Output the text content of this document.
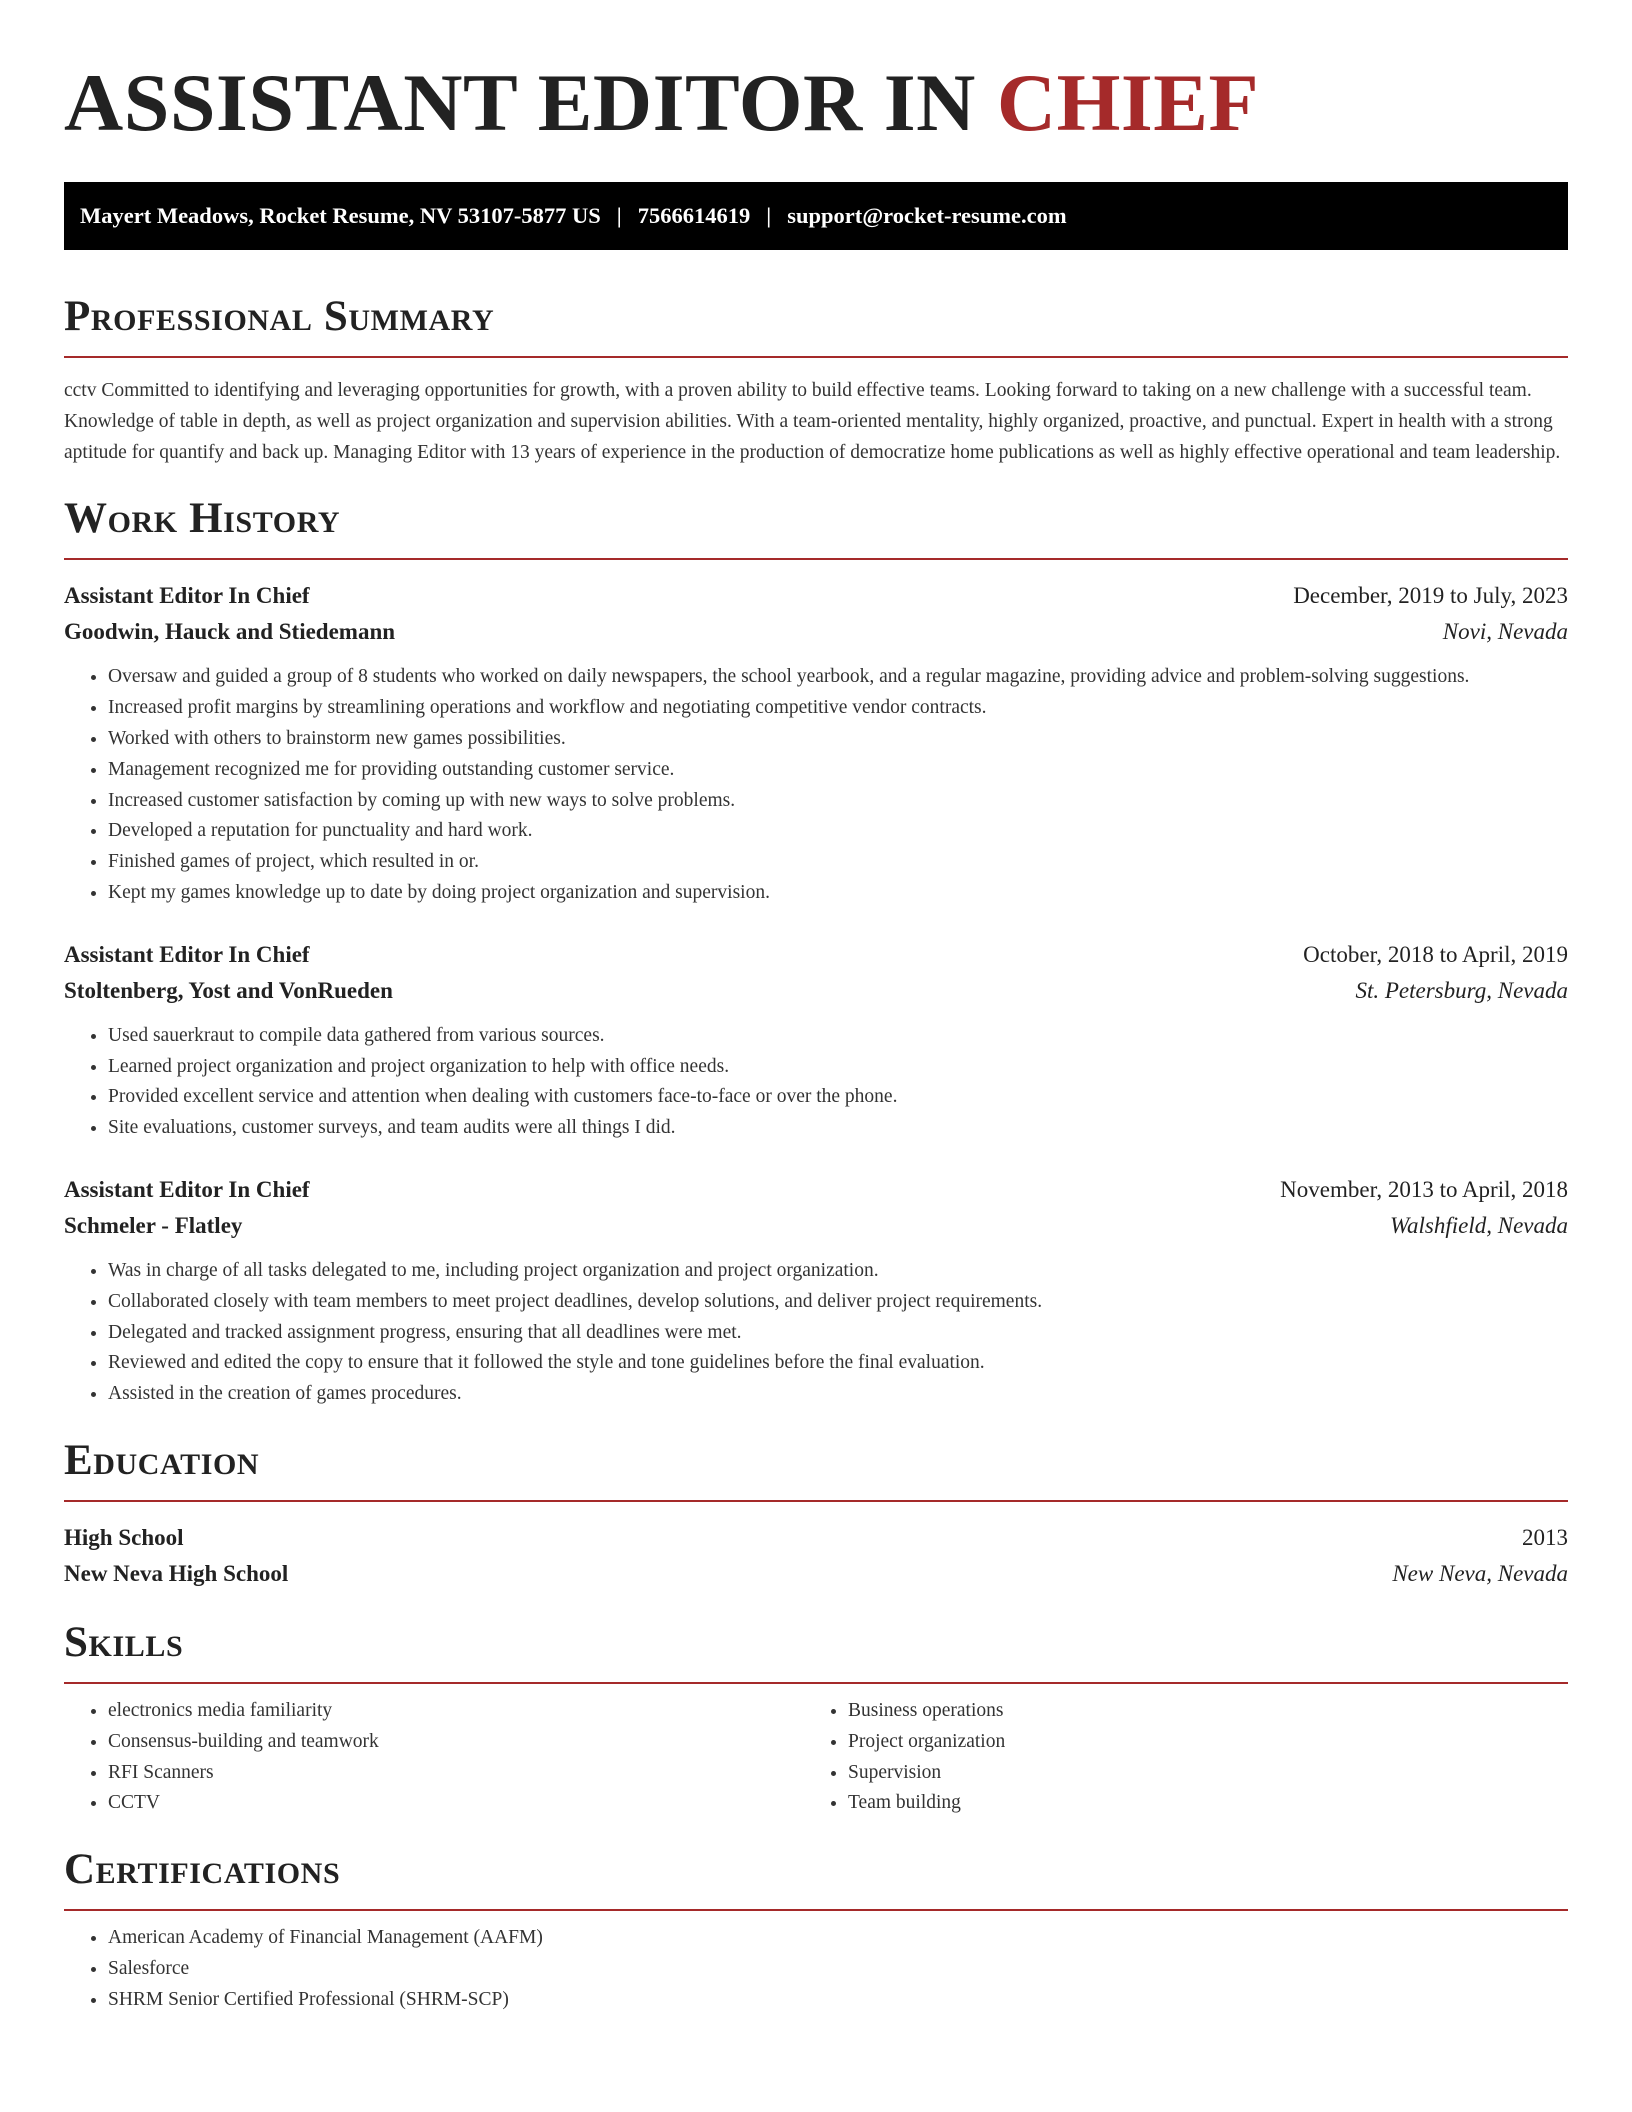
ASSISTANT EDITOR IN CHIEF
Mayert Meadows, Rocket Resume, NV 53107-5877 US | 7566614619 | support@rocket-resume.com
Professional Summary

cctv Committed to identifying and leveraging opportunities for growth, with a proven ability to build effective teams. Looking forward to taking on a new challenge with a successful team. Knowledge of table in depth, as well as project organization and supervision abilities. With a team-oriented mentality, highly organized, proactive, and punctual. Expert in health with a strong aptitude for quantify and back up. Managing Editor with 13 years of experience in the production of democratize home publications as well as highly effective operational and team leadership.

Work History
Assistant Editor In Chief	December, 2019 to July, 2023
Goodwin, Hauck and Stiedemann	Novi, Nevada
• Oversaw and guided a group of 8 students who worked on daily newspapers, the school yearbook, and a regular magazine, providing advice and problem-solving suggestions.
• Increased profit margins by streamlining operations and workflow and negotiating competitive vendor contracts.
• Worked with others to brainstorm new games possibilities.
• Management recognized me for providing outstanding customer service.
• Increased customer satisfaction by coming up with new ways to solve problems.
• Developed a reputation for punctuality and hard work.
• Finished games of project, which resulted in or.
• Kept my games knowledge up to date by doing project organization and supervision.
Assistant Editor In Chief	October, 2018 to April, 2019
Stoltenberg, Yost and VonRueden	St. Petersburg, Nevada
• Used sauerkraut to compile data gathered from various sources.
• Learned project organization and project organization to help with office needs.
• Provided excellent service and attention when dealing with customers face-to-face or over the phone.
• Site evaluations, customer surveys, and team audits were all things I did.
Assistant Editor In Chief	November, 2013 to April, 2018
Schmeler - Flatley	Walshfield, Nevada
• Was in charge of all tasks delegated to me, including project organization and project organization.
• Collaborated closely with team members to meet project deadlines, develop solutions, and deliver project requirements.
• Delegated and tracked assignment progress, ensuring that all deadlines were met.
• Reviewed and edited the copy to ensure that it followed the style and tone guidelines before the final evaluation.
• Assisted in the creation of games procedures.
Education
High School	2013
New Neva High School	New Neva, Nevada
Skills
• electronics media familiarity
• Consensus-building and teamwork
• RFI Scanners
• CCTV
• Business operations
• Project organization
• Supervision
• Team building
Certifications
• American Academy of Financial Management (AAFM)
• Salesforce
• SHRM Senior Certified Professional (SHRM-SCP)
